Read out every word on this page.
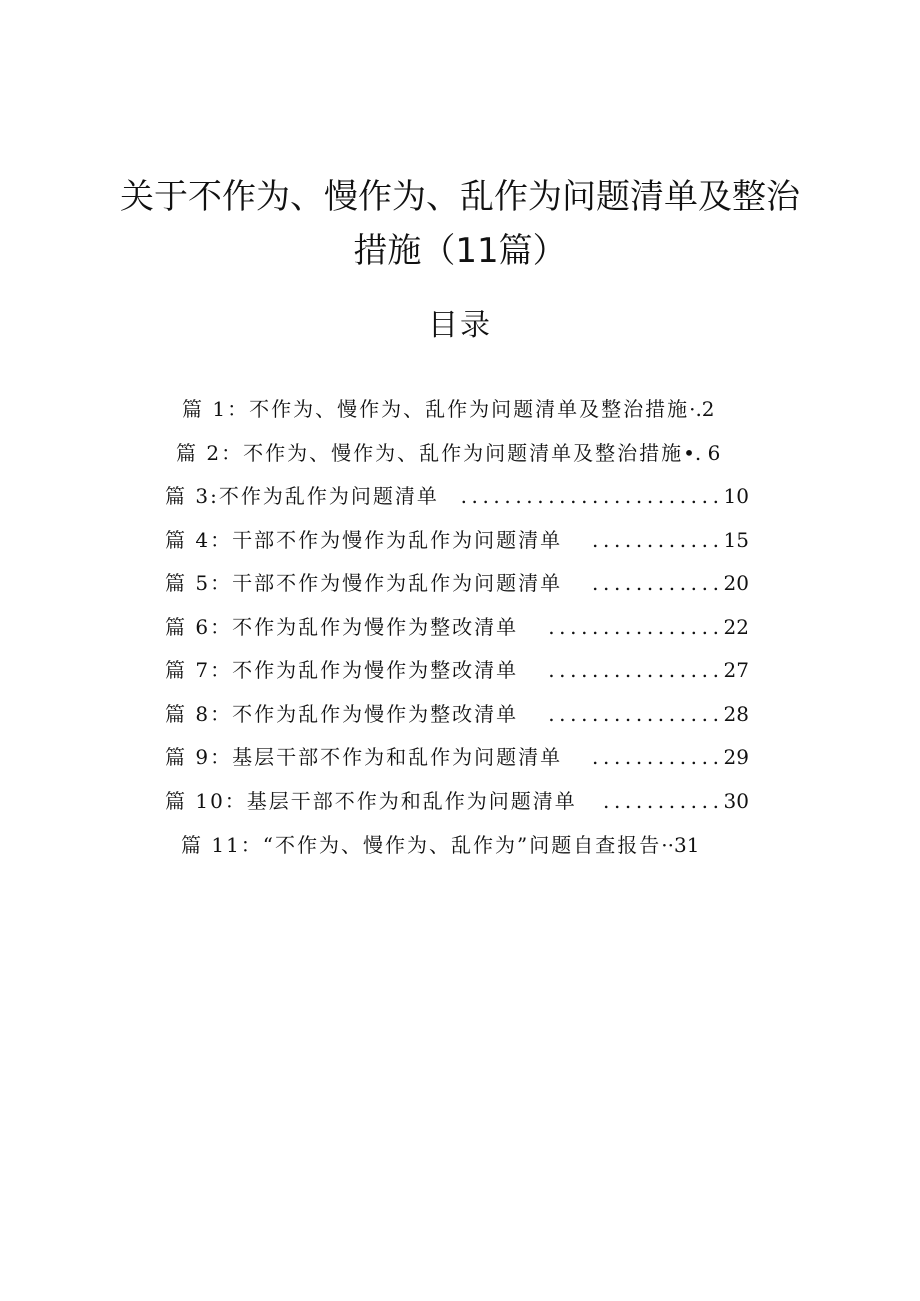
关于不作为、慢作为、乱作为问题清单及整治
措施（11篇）
目录
篇 1：不作为、慢作为、乱作为问题清单及整治措施 · .2
篇 2：不作为、慢作为、乱作为问题清单及整治措施 • . 6
篇 3:不作为乱作为问题清单	........................ 10
篇 4：干部不作为慢作为乱作为问题清单	............ 15
篇 5：干部不作为慢作为乱作为问题清单	............ 20
篇 6：不作为乱作为慢作为整改清单	................ 22
篇 7：不作为乱作为慢作为整改清单	................ 27
篇 8：不作为乱作为慢作为整改清单	................ 28
篇 9：基层干部不作为和乱作为问题清单	............ 29
篇 10：基层干部不作为和乱作为问题清单	........... 30
篇 11：“不作为、慢作为、乱作为”问题自查报告 ·· 31
